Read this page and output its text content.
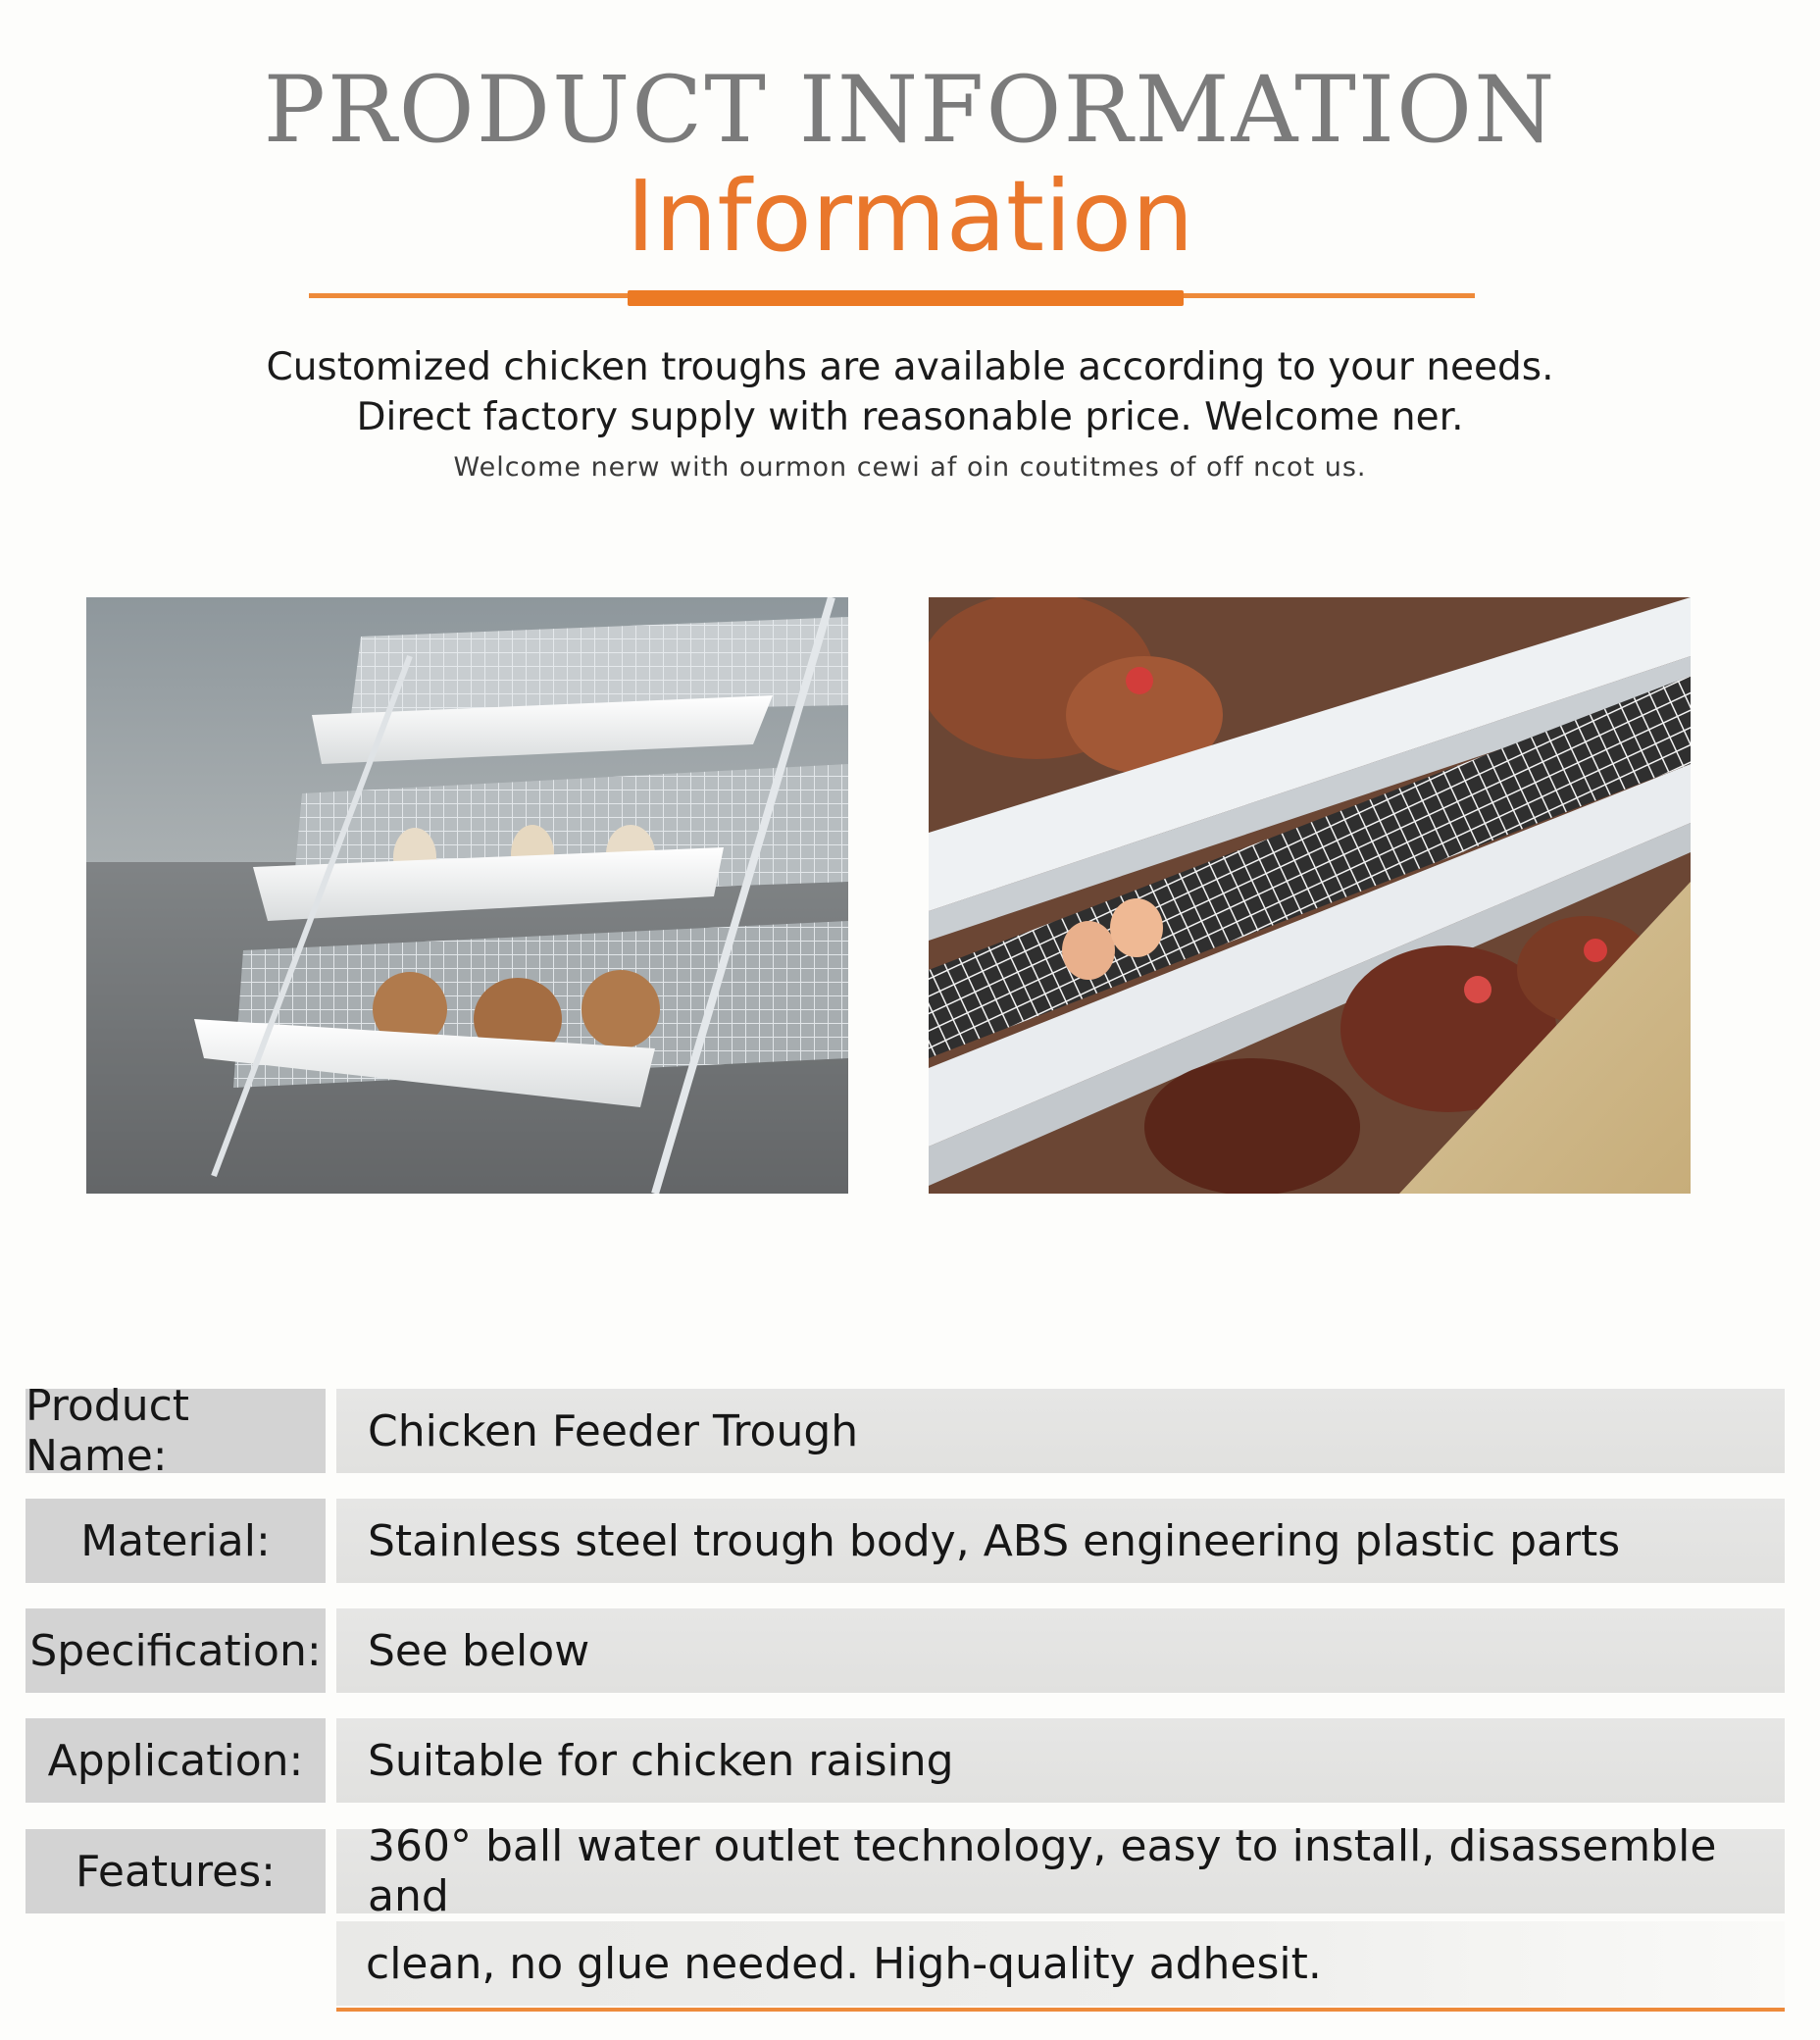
PRODUCT INFORMATION
Information

Customized chicken troughs are available according to your needs.

Direct factory supply with reasonable price. Welcome ner.

Welcome nerw with ourmon cewi af oin coutitmes of off ncot us.

Product Name:	Chicken Feeder Trough
Material:	Stainless steel trough body, ABS engineering plastic parts
Specification:	See below
Application:	Suitable for chicken raising
Features:	360° ball water outlet technology, easy to install, disassemble and
clean, no glue needed. High-quality adhesit.
